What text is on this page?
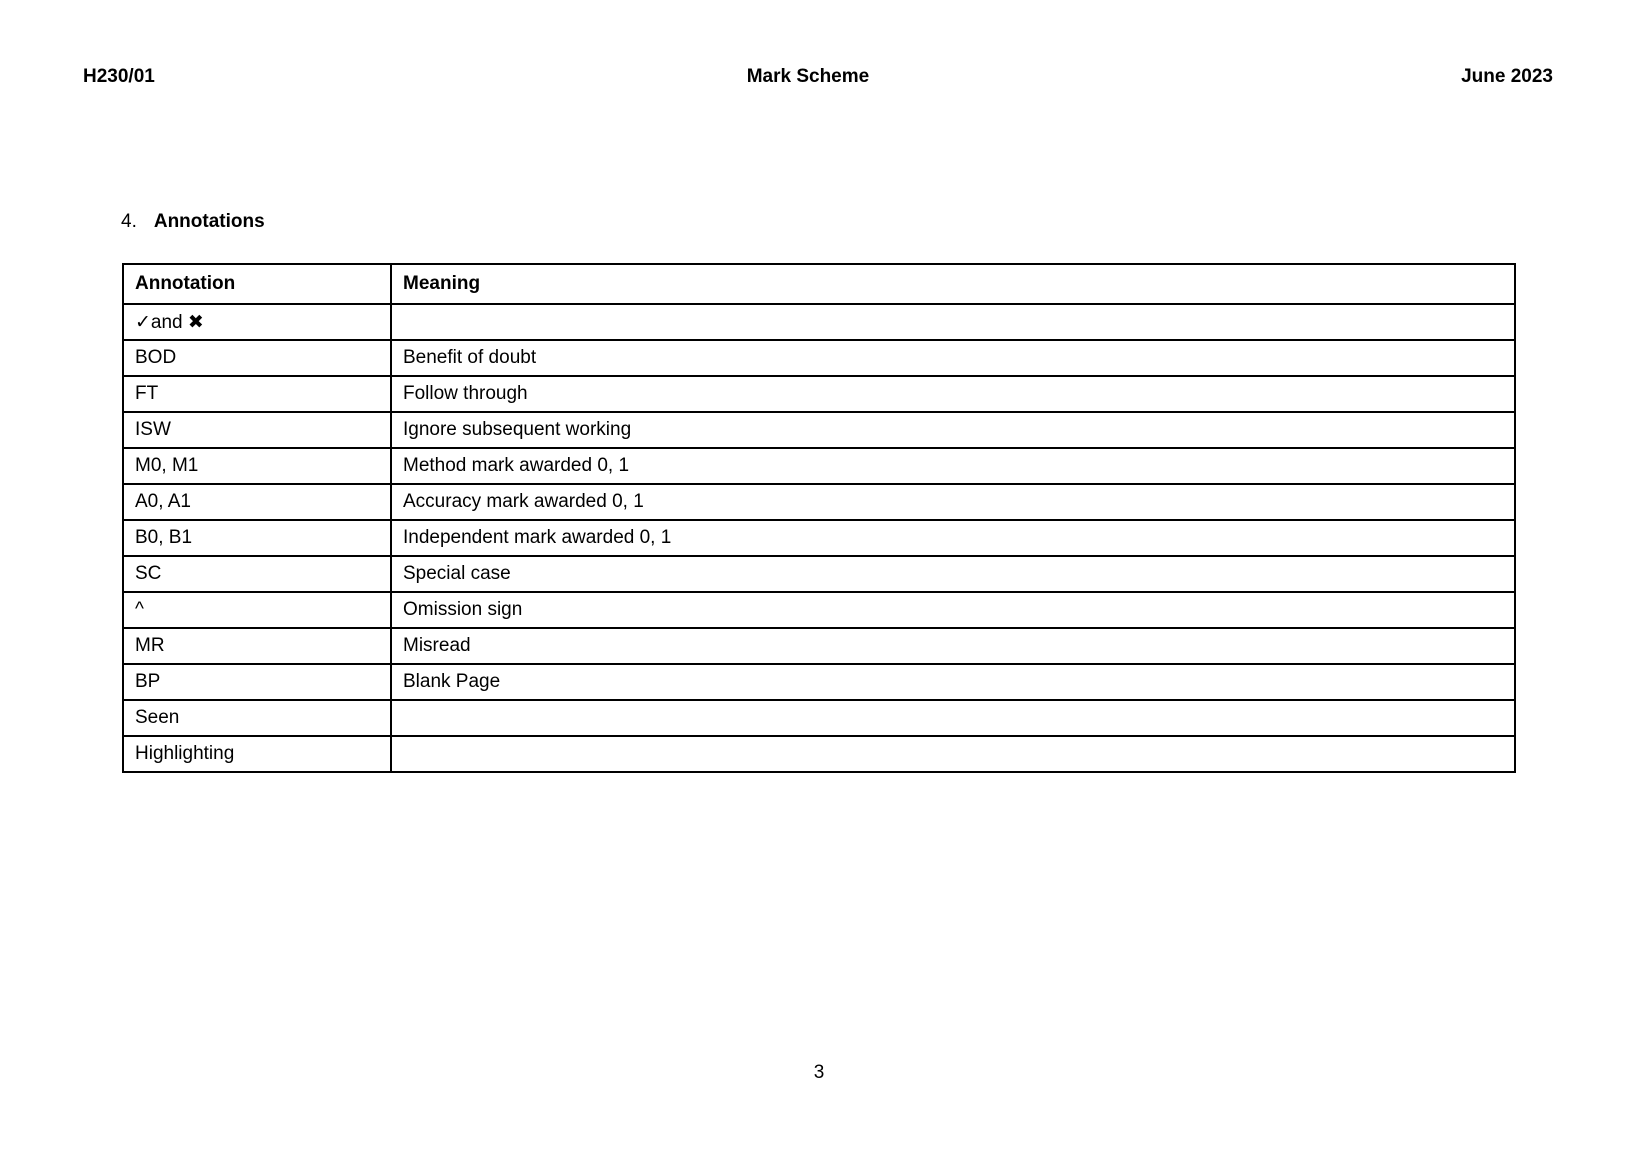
H230/01	Mark Scheme	June 2023
4. Annotations
Annotation	Meaning
✓and ✖	
BOD	Benefit of doubt
FT	Follow through
ISW	Ignore subsequent working
M0, M1	Method mark awarded 0, 1
A0, A1	Accuracy mark awarded 0, 1
B0, B1	Independent mark awarded 0, 1
SC	Special case
^	Omission sign
MR	Misread
BP	Blank Page
Seen	
Highlighting	
3
